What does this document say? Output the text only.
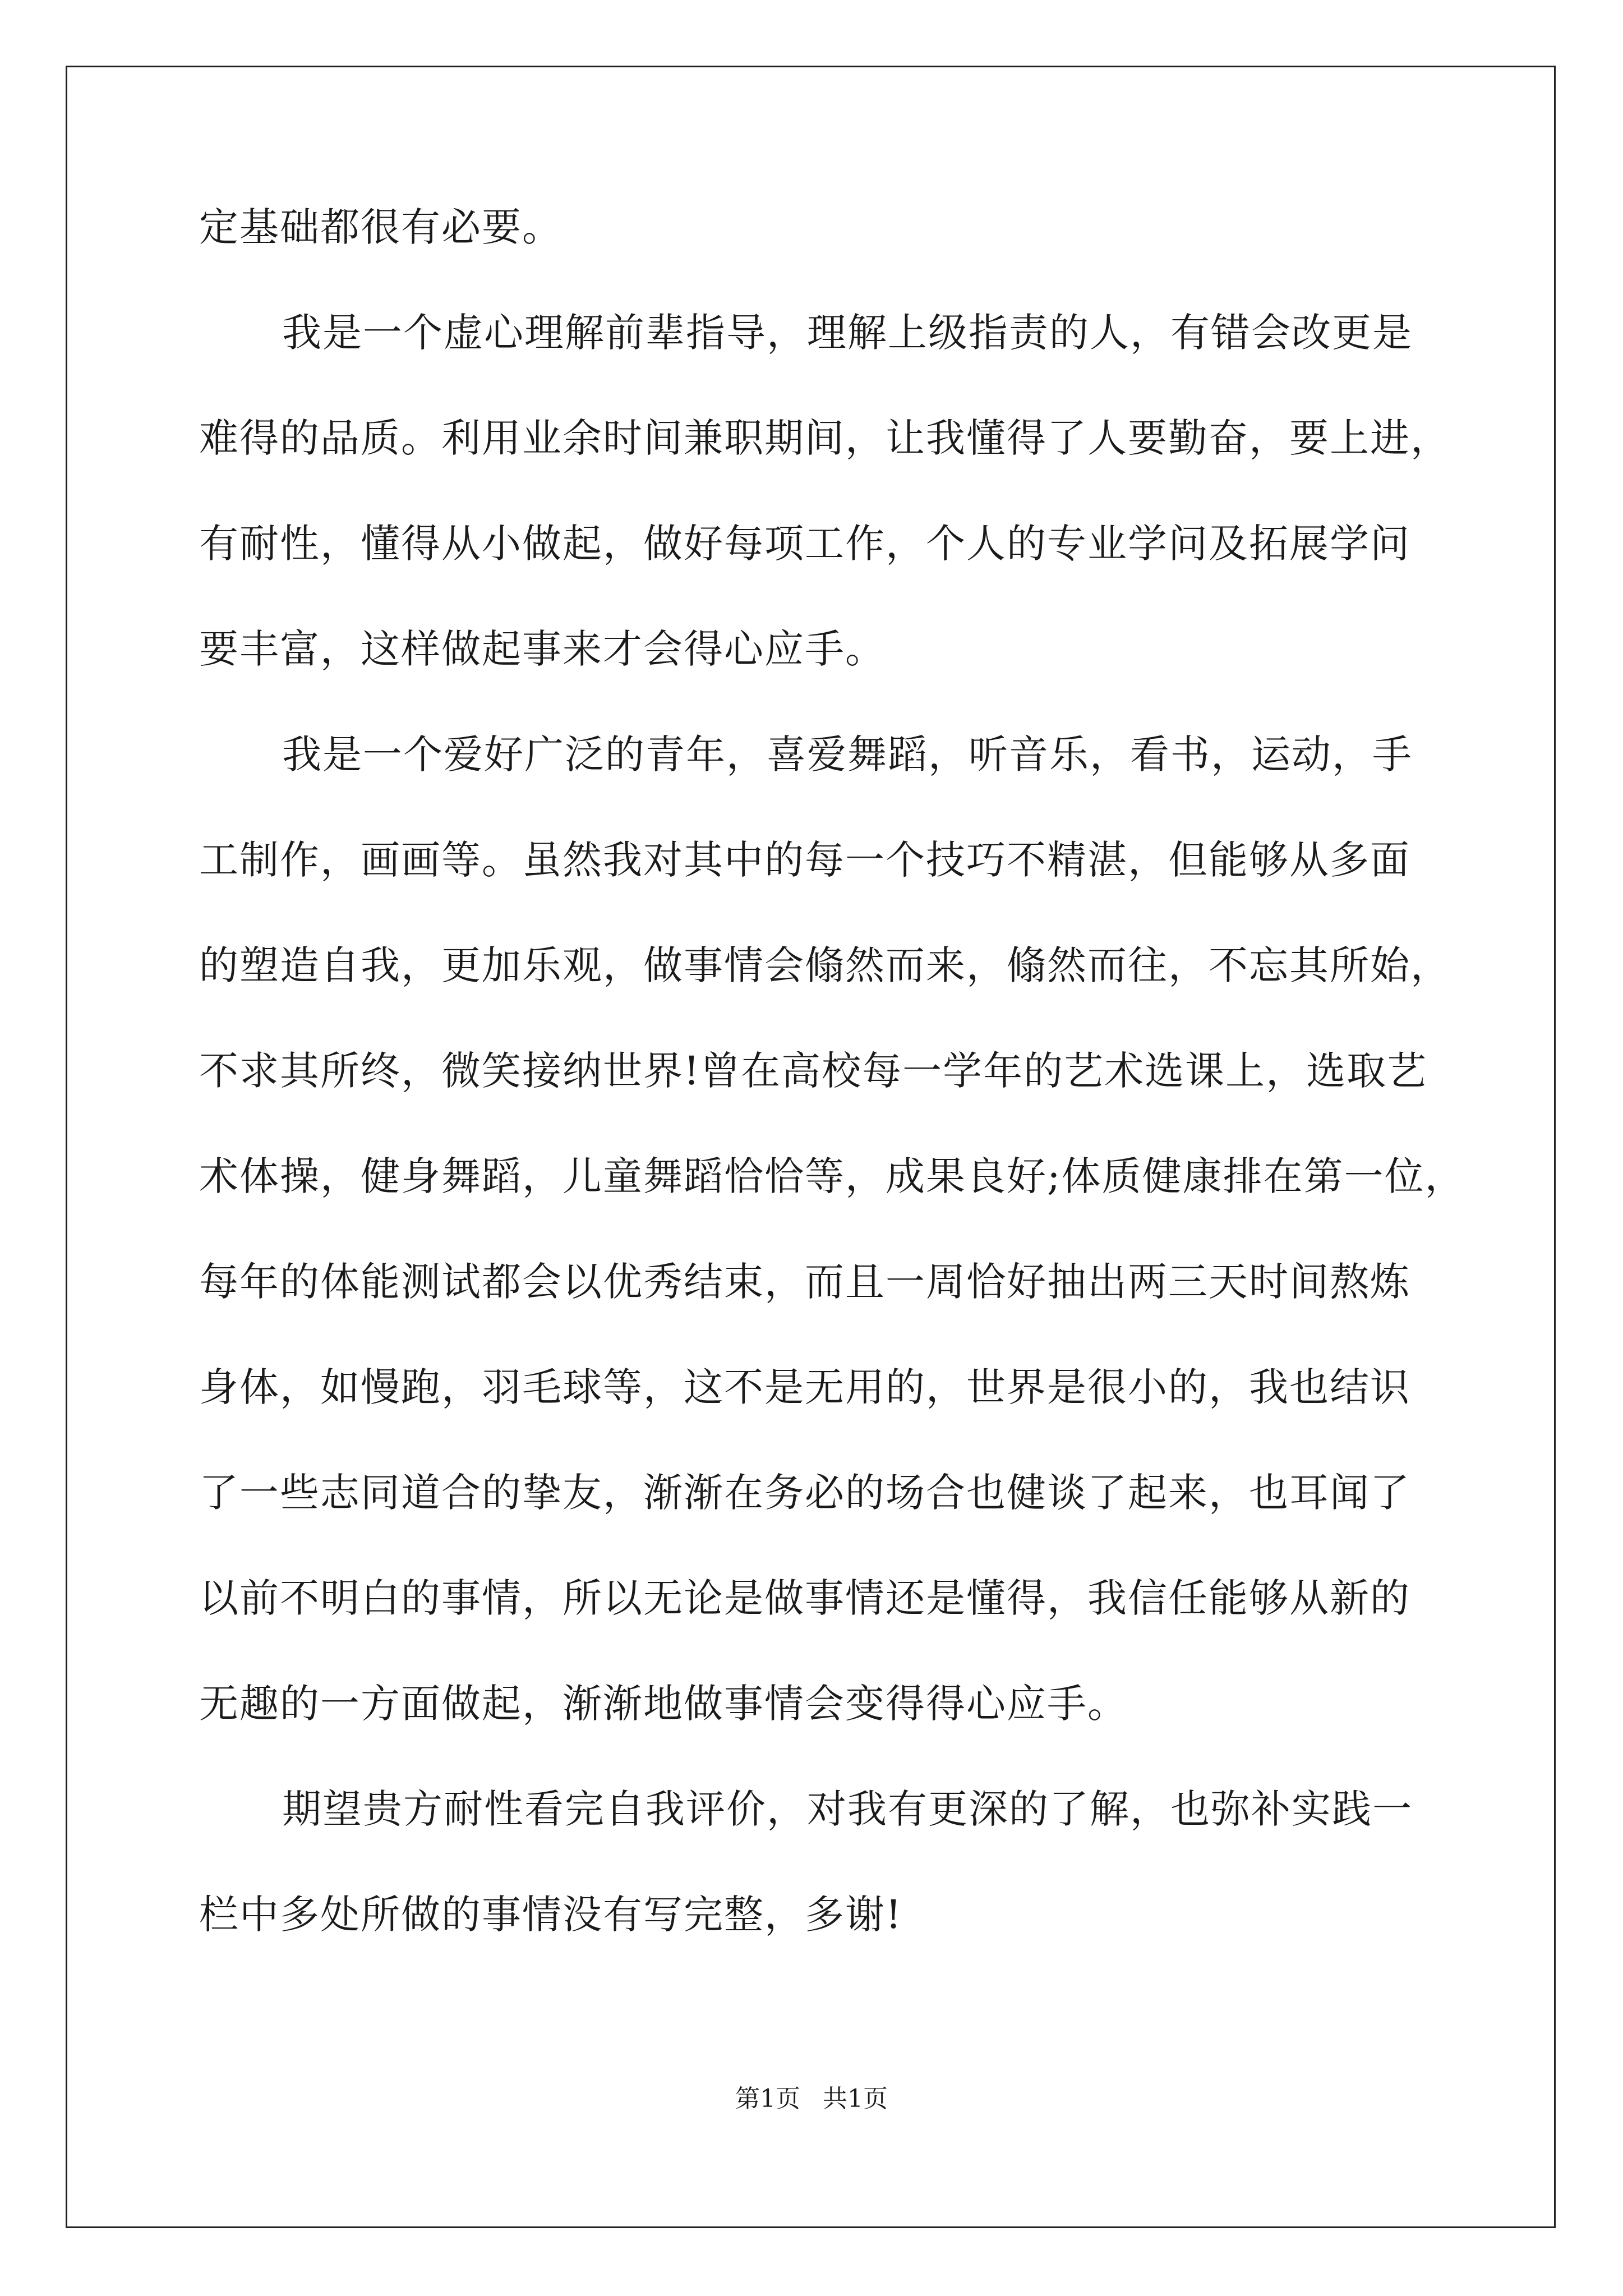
定基础都很有必要。
我是一个虚心理解前辈指导，理解上级指责的人，有错会改更是
难得的品质。利用业余时间兼职期间，让我懂得了人要勤奋，要上进，
有耐性，懂得从小做起，做好每项工作，个人的专业学问及拓展学问
要丰富，这样做起事来才会得心应手。
我是一个爱好广泛的青年，喜爱舞蹈，听音乐，看书，运动，手
工制作，画画等。虽然我对其中的每一个技巧不精湛，但能够从多面
的塑造自我，更加乐观，做事情会翛然而来，翛然而往，不忘其所始，
不求其所终，微笑接纳世界!曾在高校每一学年的艺术选课上，选取艺
术体操，健身舞蹈，儿童舞蹈恰恰等，成果良好;体质健康排在第一位，
每年的体能测试都会以优秀结束，而且一周恰好抽出两三天时间熬炼
身体，如慢跑，羽毛球等，这不是无用的，世界是很小的，我也结识
了一些志同道合的挚友，渐渐在务必的场合也健谈了起来，也耳闻了
以前不明白的事情，所以无论是做事情还是懂得，我信任能够从新的
无趣的一方面做起，渐渐地做事情会变得得心应手。
期望贵方耐性看完自我评价，对我有更深的了解，也弥补实践一
栏中多处所做的事情没有写完整，多谢!
第1页 共1页
